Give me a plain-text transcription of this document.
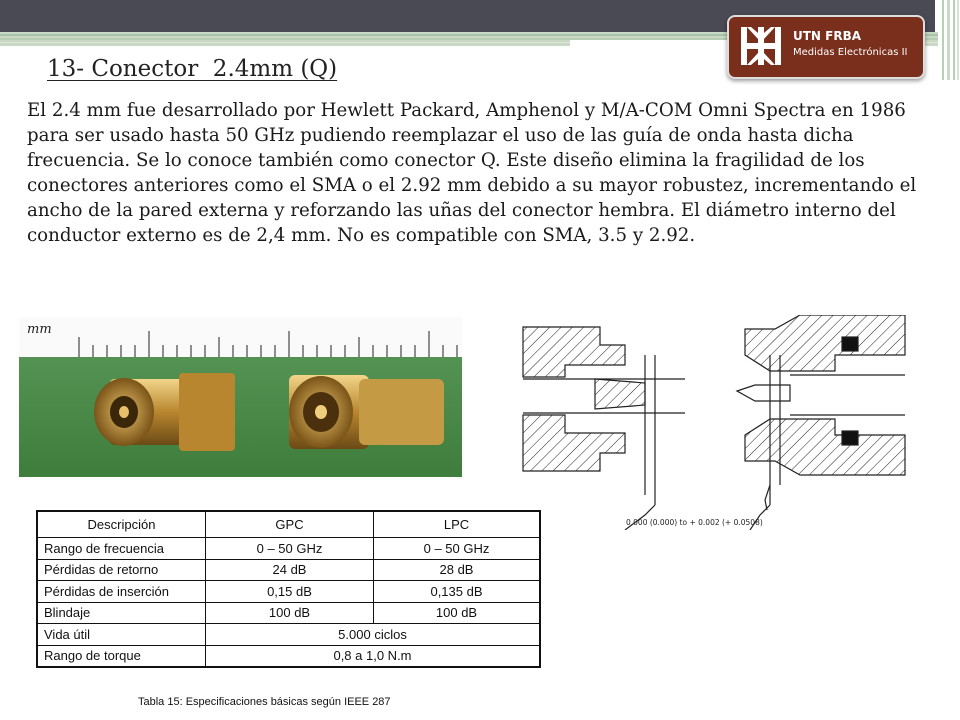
UTN FRBA
Medidas Electrónicas II
13- Conector  2.4mm (Q)

El 2.4 mm fue desarrollado por Hewlett Packard, Amphenol y M/A-COM Omni Spectra en 1986 para ser usado hasta 50 GHz pudiendo reemplazar el uso de las guía de onda hasta dicha frecuencia. Se lo conoce también como conector Q. Este diseño elimina la fragilidad de los conectores anteriores como el SMA o el 2.92 mm debido a su mayor robustez, incrementando el ancho de la pared externa y reforzando las uñas del conector hembra. El diámetro interno del conductor externo es de 2,4 mm. No es compatible con SMA, 3.5 y 2.92.

mm
0.000 (0.000) to + 0.002 (+ 0.0508)
Descripción	GPC	LPC
Rango de frecuencia	0 – 50 GHz	0 – 50 GHz
Pérdidas de retorno	24 dB	28 dB
Pérdidas de inserción	0,15 dB	0,135 dB
Blindaje	100 dB	100 dB
Vida útil	5.000 ciclos	
Rango de torque	0,8 a 1,0 N.m	
Tabla 15: Especificaciones básicas según IEEE 287
